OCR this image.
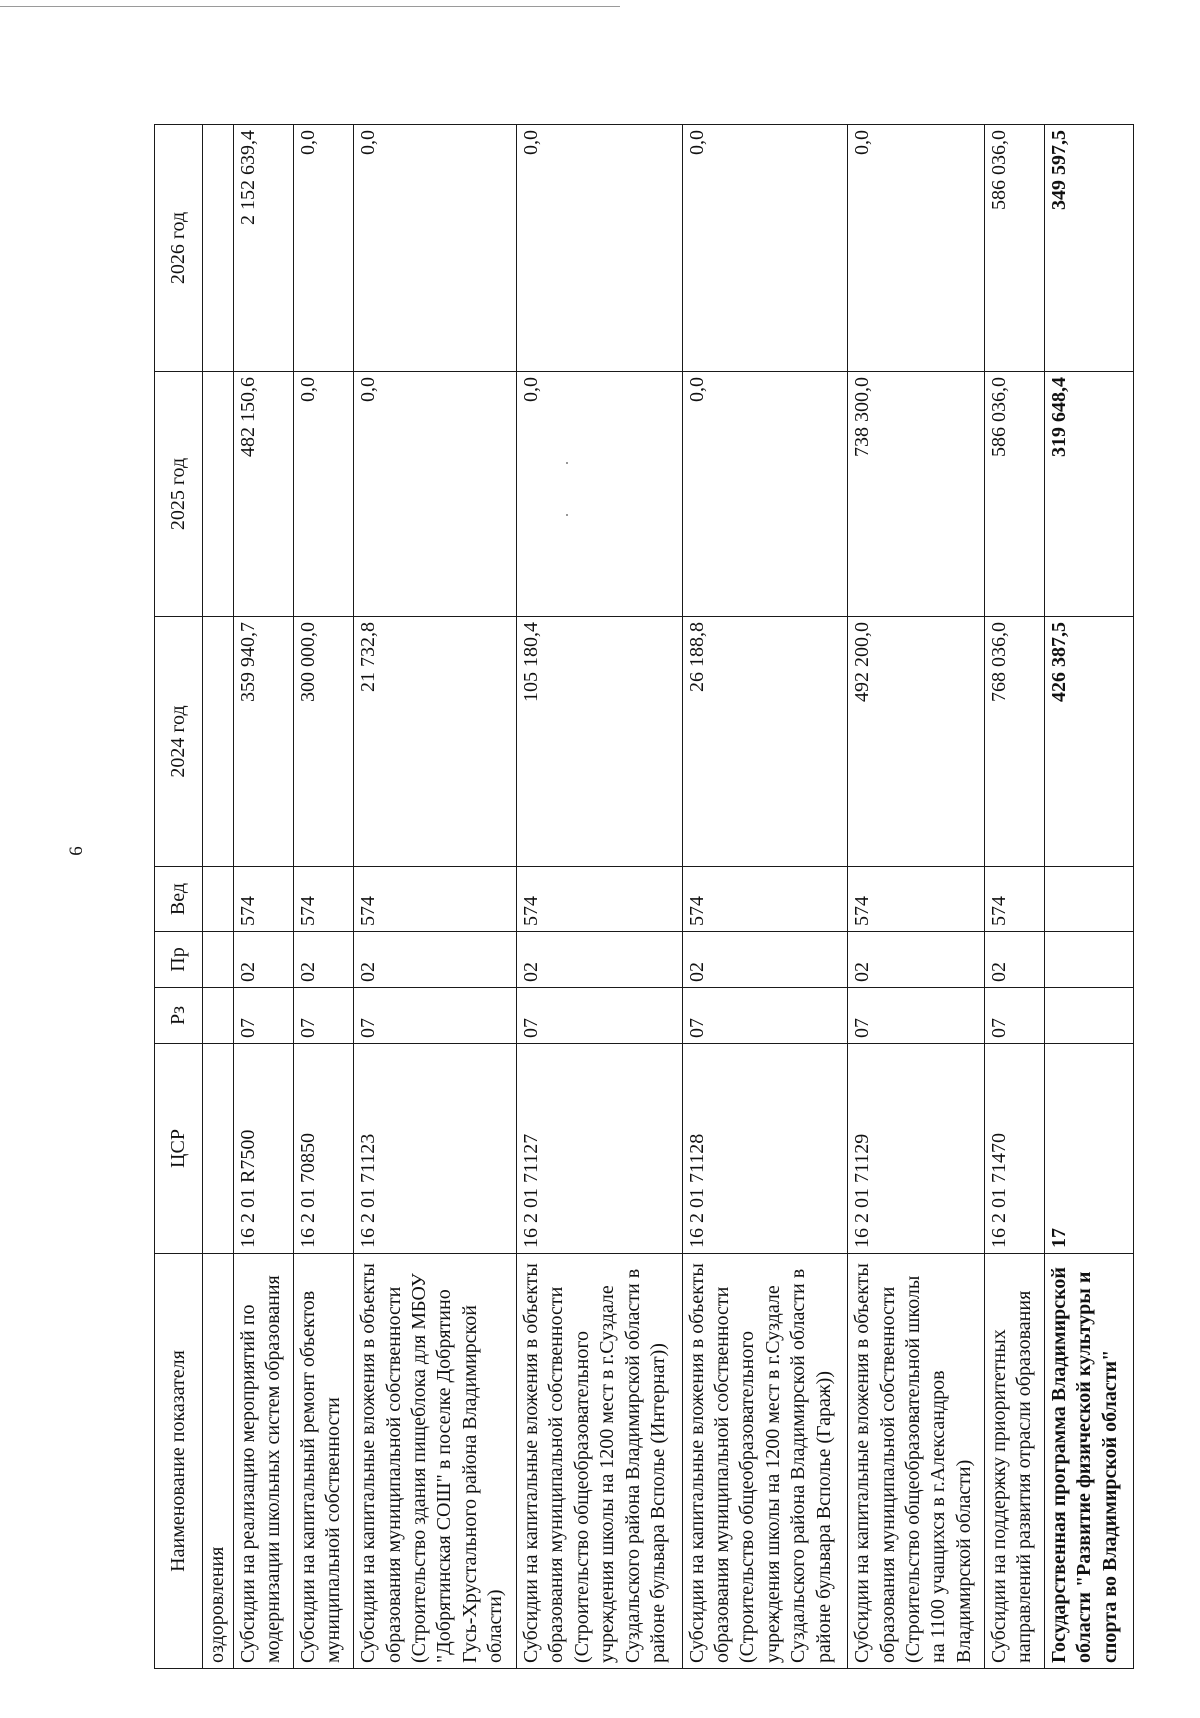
6
Наименование показателя	ЦСР	Рз	Пр	Вед	2024 год	2025 год	2026 год
оздоровления							
Субсидии на реализацию мероприятий по модернизации школьных систем образования	16 2 01 R7500	07	02	574	359 940,7	482 150,6	2 152 639,4
Субсидии на капитальный ремонт объектов муниципальной собственности	16 2 01 70850	07	02	574	300 000,0	0,0	0,0
Субсидии на капитальные вложения в объекты образования муниципальной собственности (Строительство здания пищеблока для МБОУ "Добрятинская СОШ" в поселке Добрятино Гусь-Хрустального района Владимирской области)	16 2 01 71123	07	02	574	21 732,8	0,0	0,0
Субсидии на капитальные вложения в объекты образования муниципальной собственности (Строительство общеобразовательного учреждения школы на 1200 мест в г.Суздале Суздальского района Владимирской области в районе бульвара Всполье (Интернат))	16 2 01 71127	07	02	574	105 180,4	0,0	0,0
Субсидии на капитальные вложения в объекты образования муниципальной собственности (Строительство общеобразовательного учреждения школы на 1200 мест в г.Суздале Суздальского района Владимирской области в районе бульвара Всполье (Гараж))	16 2 01 71128	07	02	574	26 188,8	0,0	0,0
Субсидии на капитальные вложения в объекты образования муниципальной собственности (Строительство общеобразовательной школы на 1100 учащихся в г.Александров Владимирской области)	16 2 01 71129	07	02	574	492 200,0	738 300,0	0,0
Субсидии на поддержку приоритетных направлений развития отрасли образования	16 2 01 71470	07	02	574	768 036,0	586 036,0	586 036,0
Государственная программа Владимирской области "Развитие физической культуры и спорта во Владимирской области"	17				426 387,5	319 648,4	349 597,5
